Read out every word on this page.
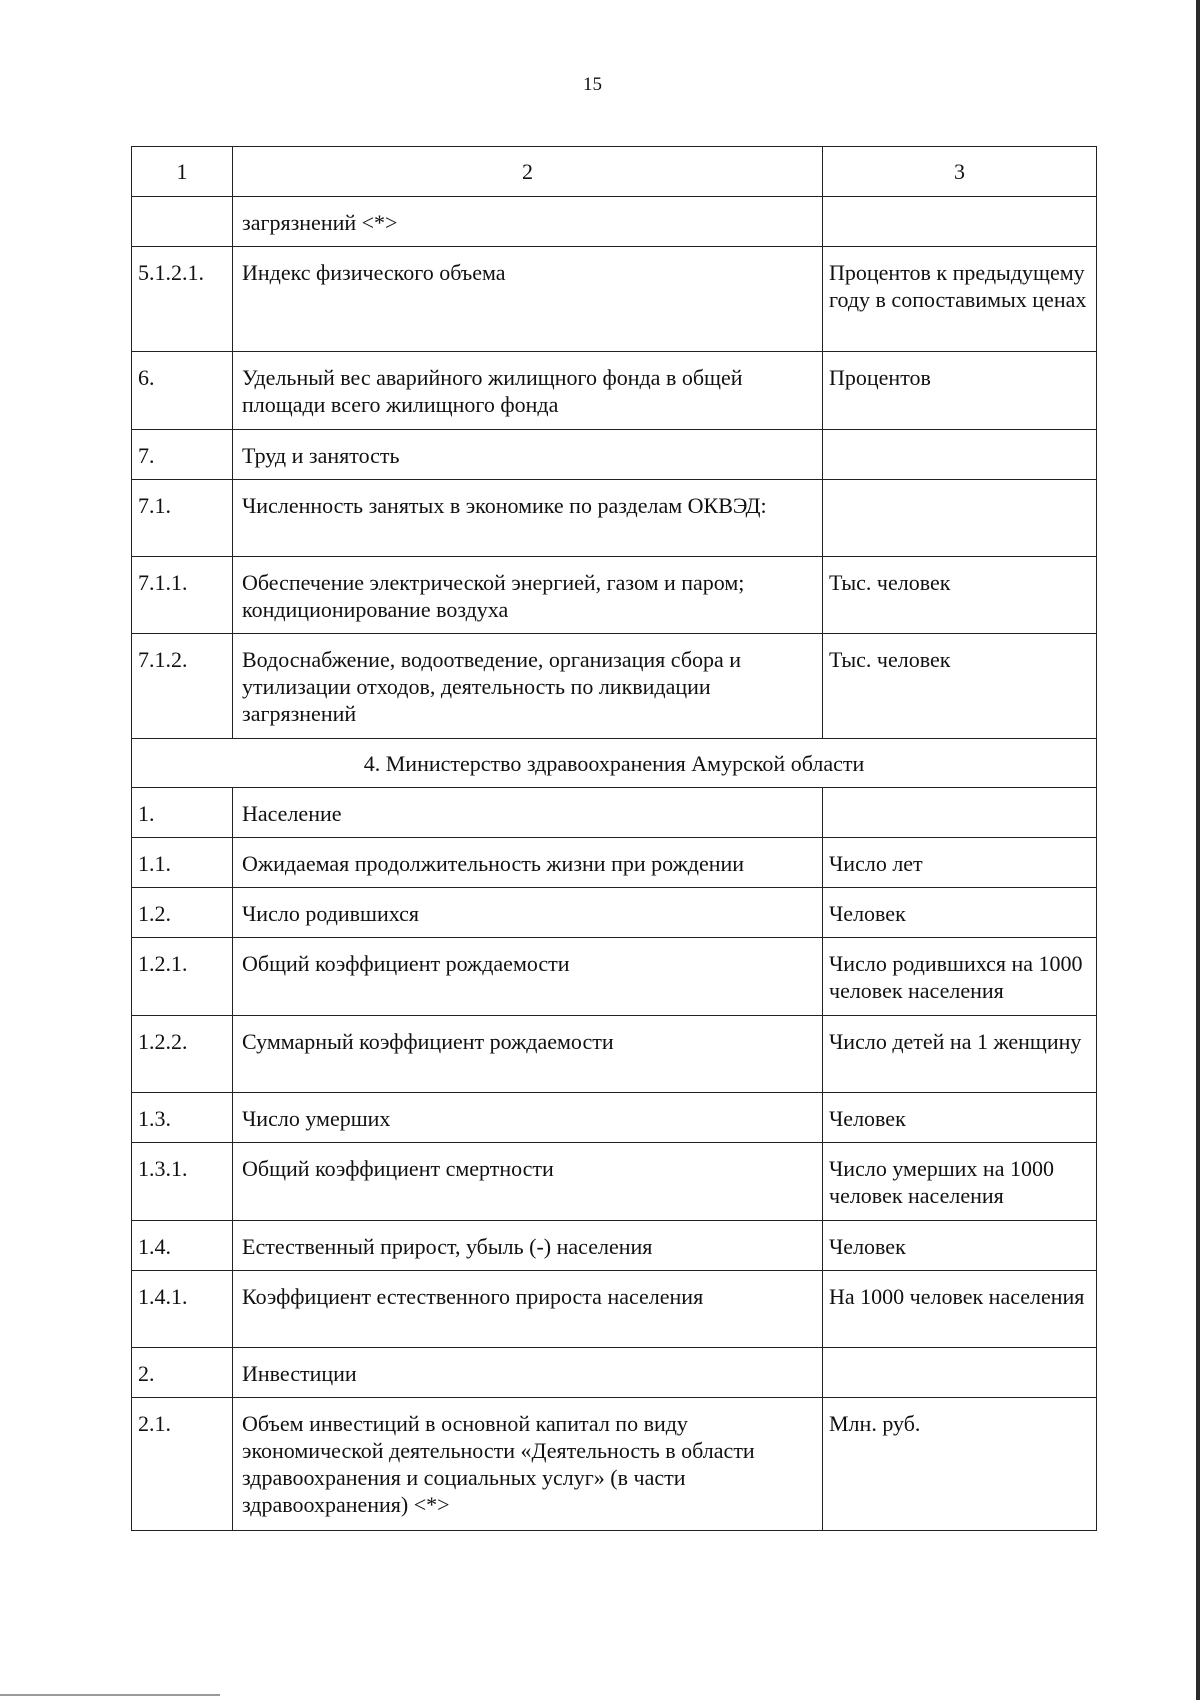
15
1	2	3
	загрязнений <*>	
5.1.2.1.	Индекс физического объема	Процентов к предыдущему году в сопоставимых ценах
6.	Удельный вес аварийного жилищного фонда в общей площади всего жилищного фонда	Процентов
7.	Труд и занятость	
7.1.	Численность занятых в экономике по разделам ОКВЭД:	
7.1.1.	Обеспечение электрической энергией, газом и паром; кондиционирование воздуха	Тыс. человек
7.1.2.	Водоснабжение, водоотведение, организация сбора и утилизации отходов, деятельность по ликвидации загрязнений	Тыс. человек
4. Министерство здравоохранения Амурской области		
1.	Население	
1.1.	Ожидаемая продолжительность жизни при рождении	Число лет
1.2.	Число родившихся	Человек
1.2.1.	Общий коэффициент рождаемости	Число родившихся на 1000 человек населения
1.2.2.	Суммарный коэффициент рождаемости	Число детей на 1 женщину
1.3.	Число умерших	Человек
1.3.1.	Общий коэффициент смертности	Число умерших на 1000 человек населения
1.4.	Естественный прирост, убыль (-) населения	Человек
1.4.1.	Коэффициент естественного прироста населения	На 1000 человек населения
2.	Инвестиции	
2.1.	Объем инвестиций в основной капитал по виду экономической деятельности «Деятельность в области здравоохранения и социальных услуг» (в части здравоохранения) <*>	Млн. руб.
